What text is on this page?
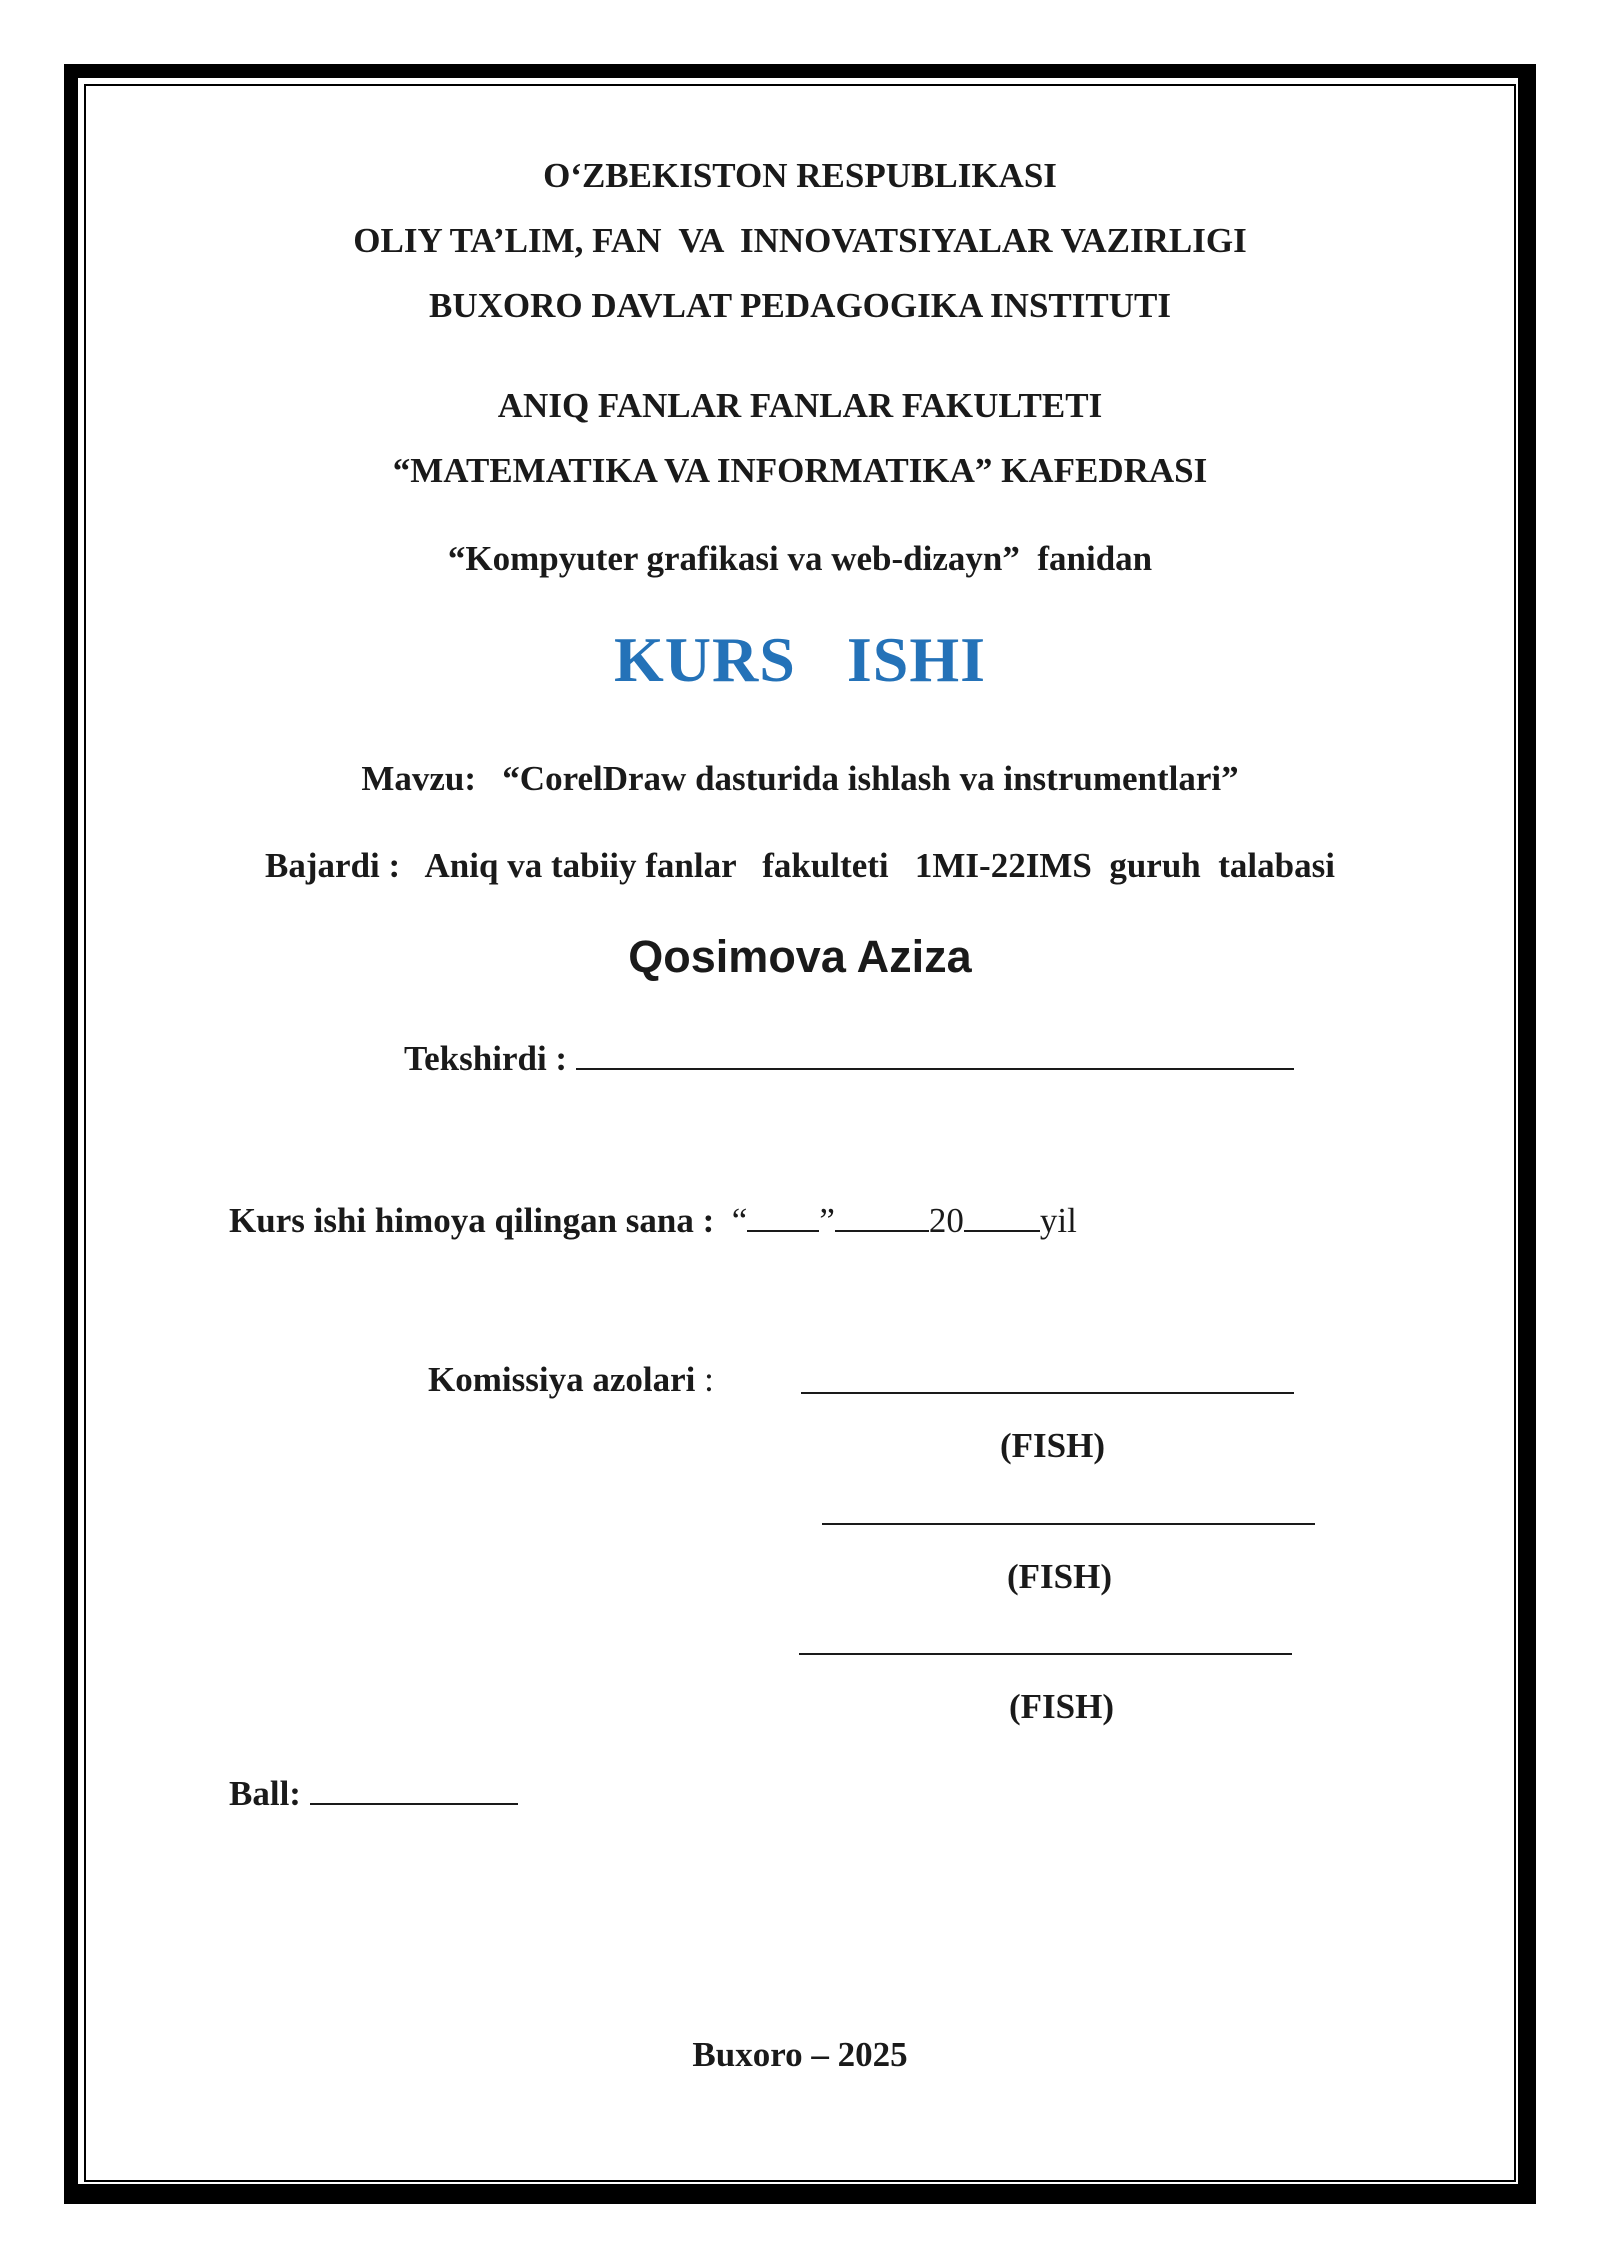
O‘ZBEKISTON RESPUBLIKASI
OLIY TA’LIM, FAN  VA  INNOVATSIYALAR VAZIRLIGI
BUXORO DAVLAT PEDAGOGIKA INSTITUTI
ANIQ FANLAR FANLAR FAKULTETI
“MATEMATIKA VA INFORMATIKA” KAFEDRASI
“Kompyuter grafikasi va web-dizayn”  fanidan
KURS   ISHI
Mavzu: “CorelDraw dasturida ishlash va instrumentlari”
Bajardi : Aniq va tabiiy fanlar   fakulteti   1MI-22IMS  guruh  talabasi
Qosimova Aziza
Tekshirdi :
Kurs ishi himoya qilingan sana : “ ”	20 yil
Komissiya azolari :
(FISH)
(FISH)
(FISH)
Ball:
Buxoro – 2025
